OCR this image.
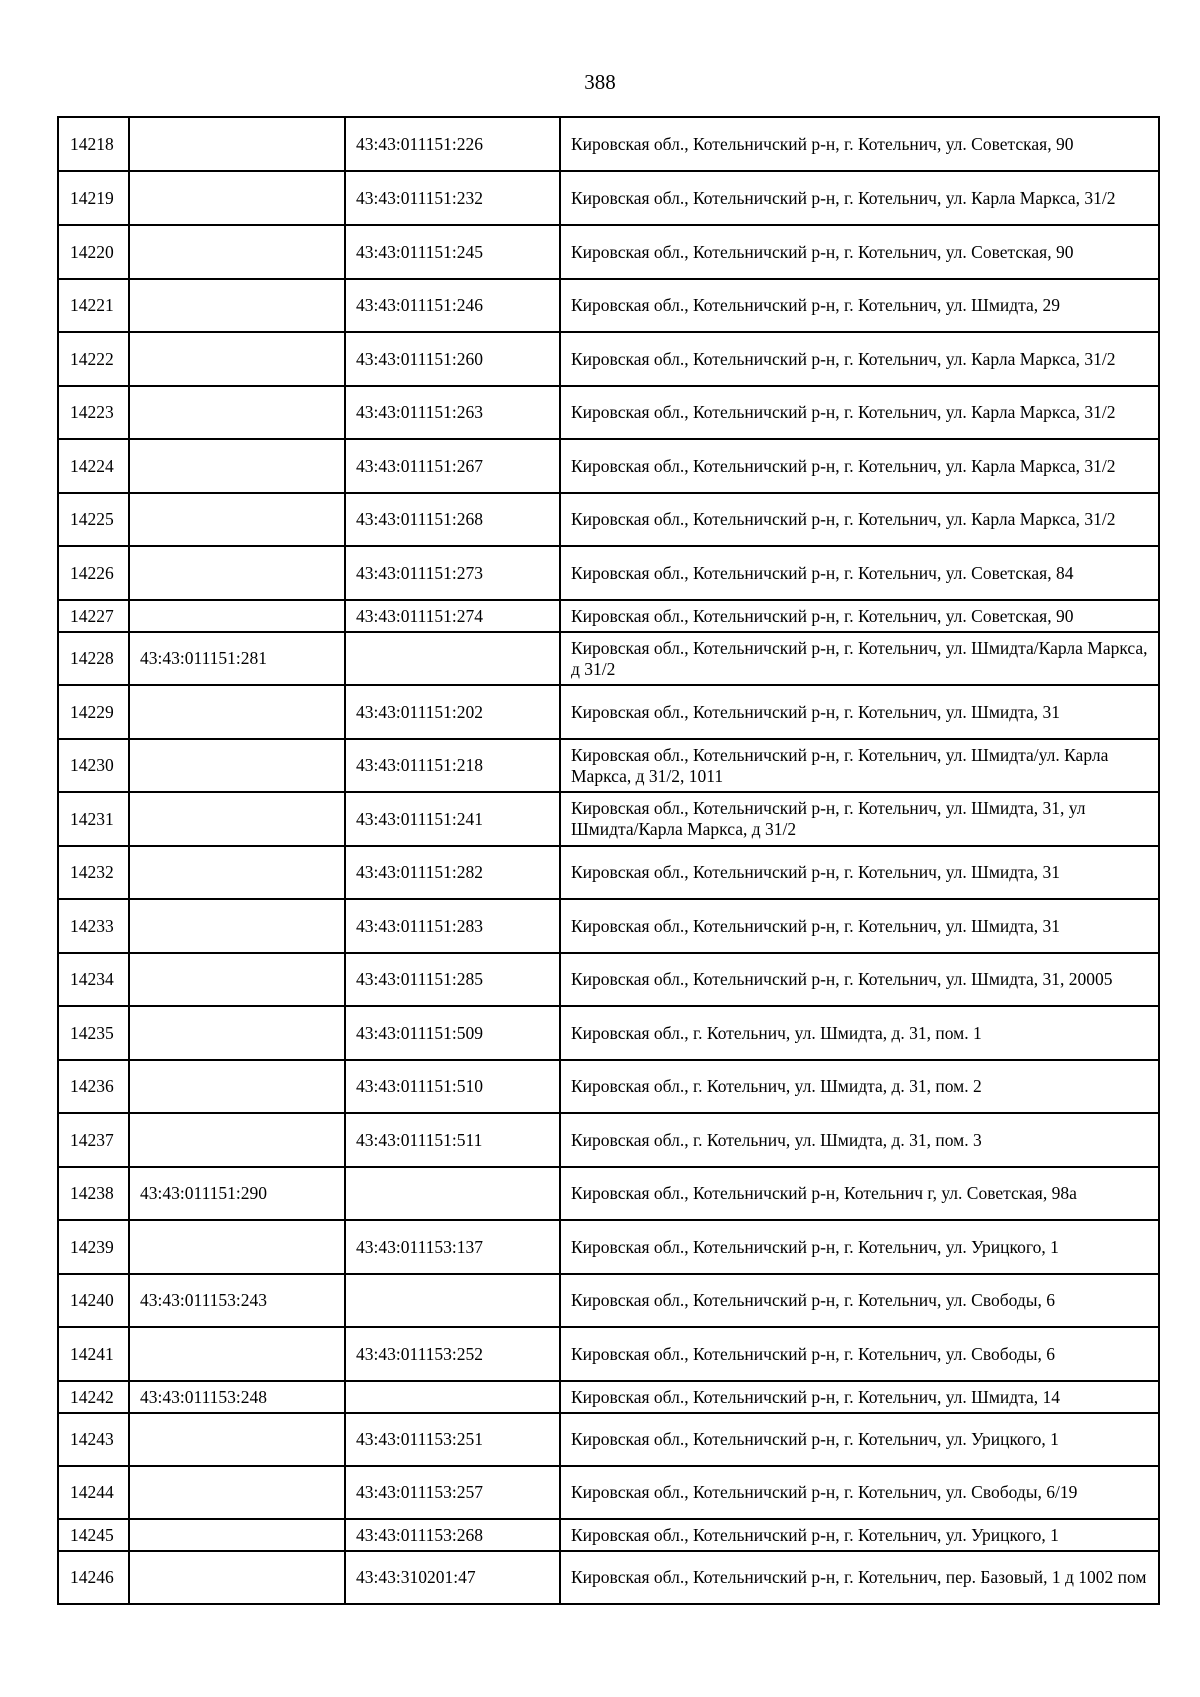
388
14218		43:43:011151:226	Кировская обл., Котельничский р-н, г. Котельнич, ул. Советская, 90
14219		43:43:011151:232	Кировская обл., Котельничский р-н, г. Котельнич, ул. Карла Маркса, 31/2
14220		43:43:011151:245	Кировская обл., Котельничский р-н, г. Котельнич, ул. Советская, 90
14221		43:43:011151:246	Кировская обл., Котельничский р-н, г. Котельнич, ул. Шмидта, 29
14222		43:43:011151:260	Кировская обл., Котельничский р-н, г. Котельнич, ул. Карла Маркса, 31/2
14223		43:43:011151:263	Кировская обл., Котельничский р-н, г. Котельнич, ул. Карла Маркса, 31/2
14224		43:43:011151:267	Кировская обл., Котельничский р-н, г. Котельнич, ул. Карла Маркса, 31/2
14225		43:43:011151:268	Кировская обл., Котельничский р-н, г. Котельнич, ул. Карла Маркса, 31/2
14226		43:43:011151:273	Кировская обл., Котельничский р-н, г. Котельнич, ул. Советская, 84
14227		43:43:011151:274	Кировская обл., Котельничский р-н, г. Котельнич, ул. Советская, 90
14228	43:43:011151:281		Кировская обл., Котельничский р-н, г. Котельнич, ул. Шмидта/Карла Маркса, д 31/2
14229		43:43:011151:202	Кировская обл., Котельничский р-н, г. Котельнич, ул. Шмидта, 31
14230		43:43:011151:218	Кировская обл., Котельничский р-н, г. Котельнич, ул. Шмидта/ул. Карла Маркса, д 31/2, 1011
14231		43:43:011151:241	Кировская обл., Котельничский р-н, г. Котельнич, ул. Шмидта, 31, ул Шмидта/Карла Маркса, д 31/2
14232		43:43:011151:282	Кировская обл., Котельничский р-н, г. Котельнич, ул. Шмидта, 31
14233		43:43:011151:283	Кировская обл., Котельничский р-н, г. Котельнич, ул. Шмидта, 31
14234		43:43:011151:285	Кировская обл., Котельничский р-н, г. Котельнич, ул. Шмидта, 31, 20005
14235		43:43:011151:509	Кировская обл., г. Котельнич, ул. Шмидта, д. 31, пом. 1
14236		43:43:011151:510	Кировская обл., г. Котельнич, ул. Шмидта, д. 31, пом. 2
14237		43:43:011151:511	Кировская обл., г. Котельнич, ул. Шмидта, д. 31, пом. 3
14238	43:43:011151:290		Кировская обл., Котельничский р-н, Котельнич г, ул. Советская, 98а
14239		43:43:011153:137	Кировская обл., Котельничский р-н, г. Котельнич, ул. Урицкого, 1
14240	43:43:011153:243		Кировская обл., Котельничский р-н, г. Котельнич, ул. Свободы, 6
14241		43:43:011153:252	Кировская обл., Котельничский р-н, г. Котельнич, ул. Свободы, 6
14242	43:43:011153:248		Кировская обл., Котельничский р-н, г. Котельнич, ул. Шмидта, 14
14243		43:43:011153:251	Кировская обл., Котельничский р-н, г. Котельнич, ул. Урицкого, 1
14244		43:43:011153:257	Кировская обл., Котельничский р-н, г. Котельнич, ул. Свободы, 6/19
14245		43:43:011153:268	Кировская обл., Котельничский р-н, г. Котельнич, ул. Урицкого, 1
14246		43:43:310201:47	Кировская обл., Котельничский р-н, г. Котельнич, пер. Базовый, 1 д 1002 пом
